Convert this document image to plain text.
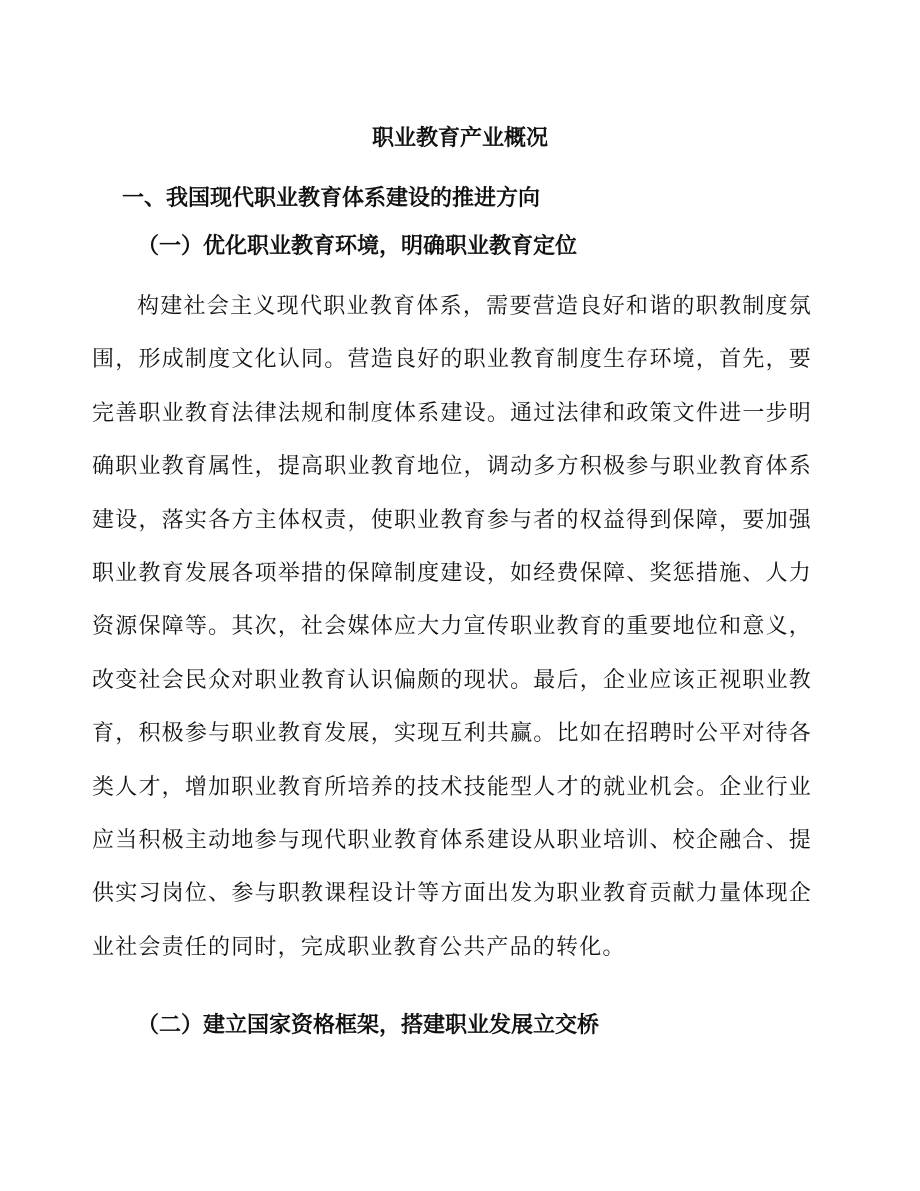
职业教育产业概况
一、我国现代职业教育体系建设的推进方向
（一）优化职业教育环境，明确职业教育定位

构建社会主义现代职业教育体系，需要营造良好和谐的职教制度氛围，形成制度文化认同。营造良好的职业教育制度生存环境，首先，要完善职业教育法律法规和制度体系建设。通过法律和政策文件进一步明确职业教育属性，提高职业教育地位，调动多方积极参与职业教育体系建设，落实各方主体权责，使职业教育参与者的权益得到保障，要加强职业教育发展各项举措的保障制度建设，如经费保障、奖惩措施、人力资源保障等。其次，社会媒体应大力宣传职业教育的重要地位和意义，改变社会民众对职业教育认识偏颇的现状。最后，企业应该正视职业教育，积极参与职业教育发展，实现互利共赢。比如在招聘时公平对待各类人才，增加职业教育所培养的技术技能型人才的就业机会。企业行业应当积极主动地参与现代职业教育体系建设从职业培训、校企融合、提供实习岗位、参与职教课程设计等方面出发为职业教育贡献力量体现企业社会责任的同时，完成职业教育公共产品的转化。

（二）建立国家资格框架，搭建职业发展立交桥
